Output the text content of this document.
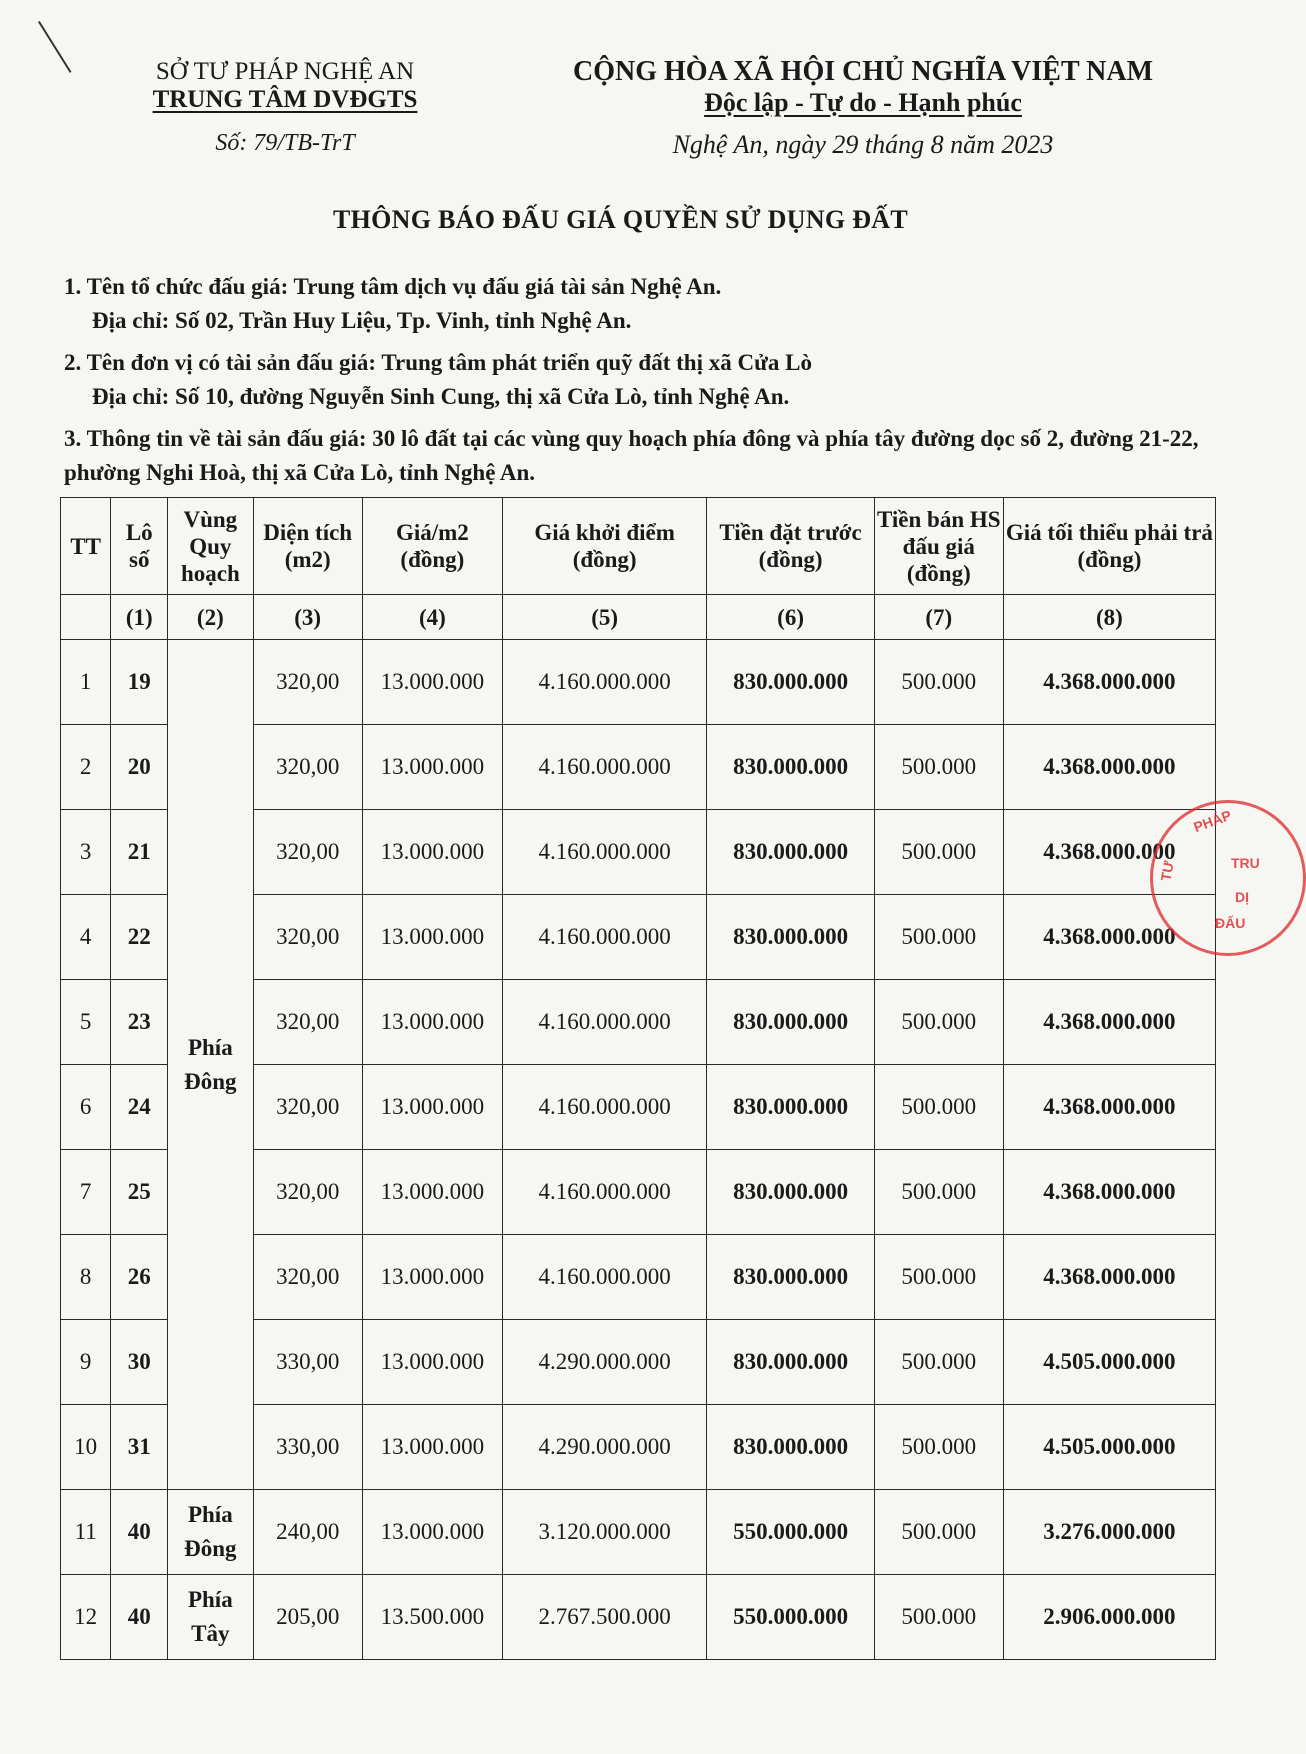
SỞ TƯ PHÁP NGHỆ AN
TRUNG TÂM DVĐGTS
Số: 79/TB-TrT
CỘNG HÒA XÃ HỘI CHỦ NGHĨA VIỆT NAM
Độc lập - Tự do - Hạnh phúc
Nghệ An, ngày 29 tháng 8 năm 2023
THÔNG BÁO ĐẤU GIÁ QUYỀN SỬ DỤNG ĐẤT

1. Tên tổ chức đấu giá: Trung tâm dịch vụ đấu giá tài sản Nghệ An.

Địa chỉ: Số 02, Trần Huy Liệu, Tp. Vinh, tỉnh Nghệ An.

2. Tên đơn vị có tài sản đấu giá: Trung tâm phát triển quỹ đất thị xã Cửa Lò

Địa chỉ: Số 10, đường Nguyễn Sinh Cung, thị xã Cửa Lò, tỉnh Nghệ An.

3. Thông tin về tài sản đấu giá: 30 lô đất tại các vùng quy hoạch phía đông và phía tây đường dọc số 2, đường 21-22, phường Nghi Hoà, thị xã Cửa Lò, tỉnh Nghệ An.

TT	Lô số	Vùng Quy hoạch	Diện tích (m2)	Giá/m2 (đồng)	Giá khởi điểm (đồng)	Tiền đặt trước (đồng)	Tiền bán HS đấu giá (đồng)	Giá tối thiểu phải trả (đồng)
	(1)	(2)	(3)	(4)	(5)	(6)	(7)	(8)
1	19	Phía Đông	320,00	13.000.000	4.160.000.000	830.000.000	500.000	4.368.000.000
2	20		320,00	13.000.000	4.160.000.000	830.000.000	500.000	4.368.000.000
3	21		320,00	13.000.000	4.160.000.000	830.000.000	500.000	4.368.000.000
4	22		320,00	13.000.000	4.160.000.000	830.000.000	500.000	4.368.000.000
5	23		320,00	13.000.000	4.160.000.000	830.000.000	500.000	4.368.000.000
6	24		320,00	13.000.000	4.160.000.000	830.000.000	500.000	4.368.000.000
7	25		320,00	13.000.000	4.160.000.000	830.000.000	500.000	4.368.000.000
8	26		320,00	13.000.000	4.160.000.000	830.000.000	500.000	4.368.000.000
9	30		330,00	13.000.000	4.290.000.000	830.000.000	500.000	4.505.000.000
10	31		330,00	13.000.000	4.290.000.000	830.000.000	500.000	4.505.000.000
11	40	Phía Đông	240,00	13.000.000	3.120.000.000	550.000.000	500.000	3.276.000.000
12	40	Phía Tây	205,00	13.500.000	2.767.500.000	550.000.000	500.000	2.906.000.000
PHÁP
TRU
DỊ
ĐẤU
TƯ
